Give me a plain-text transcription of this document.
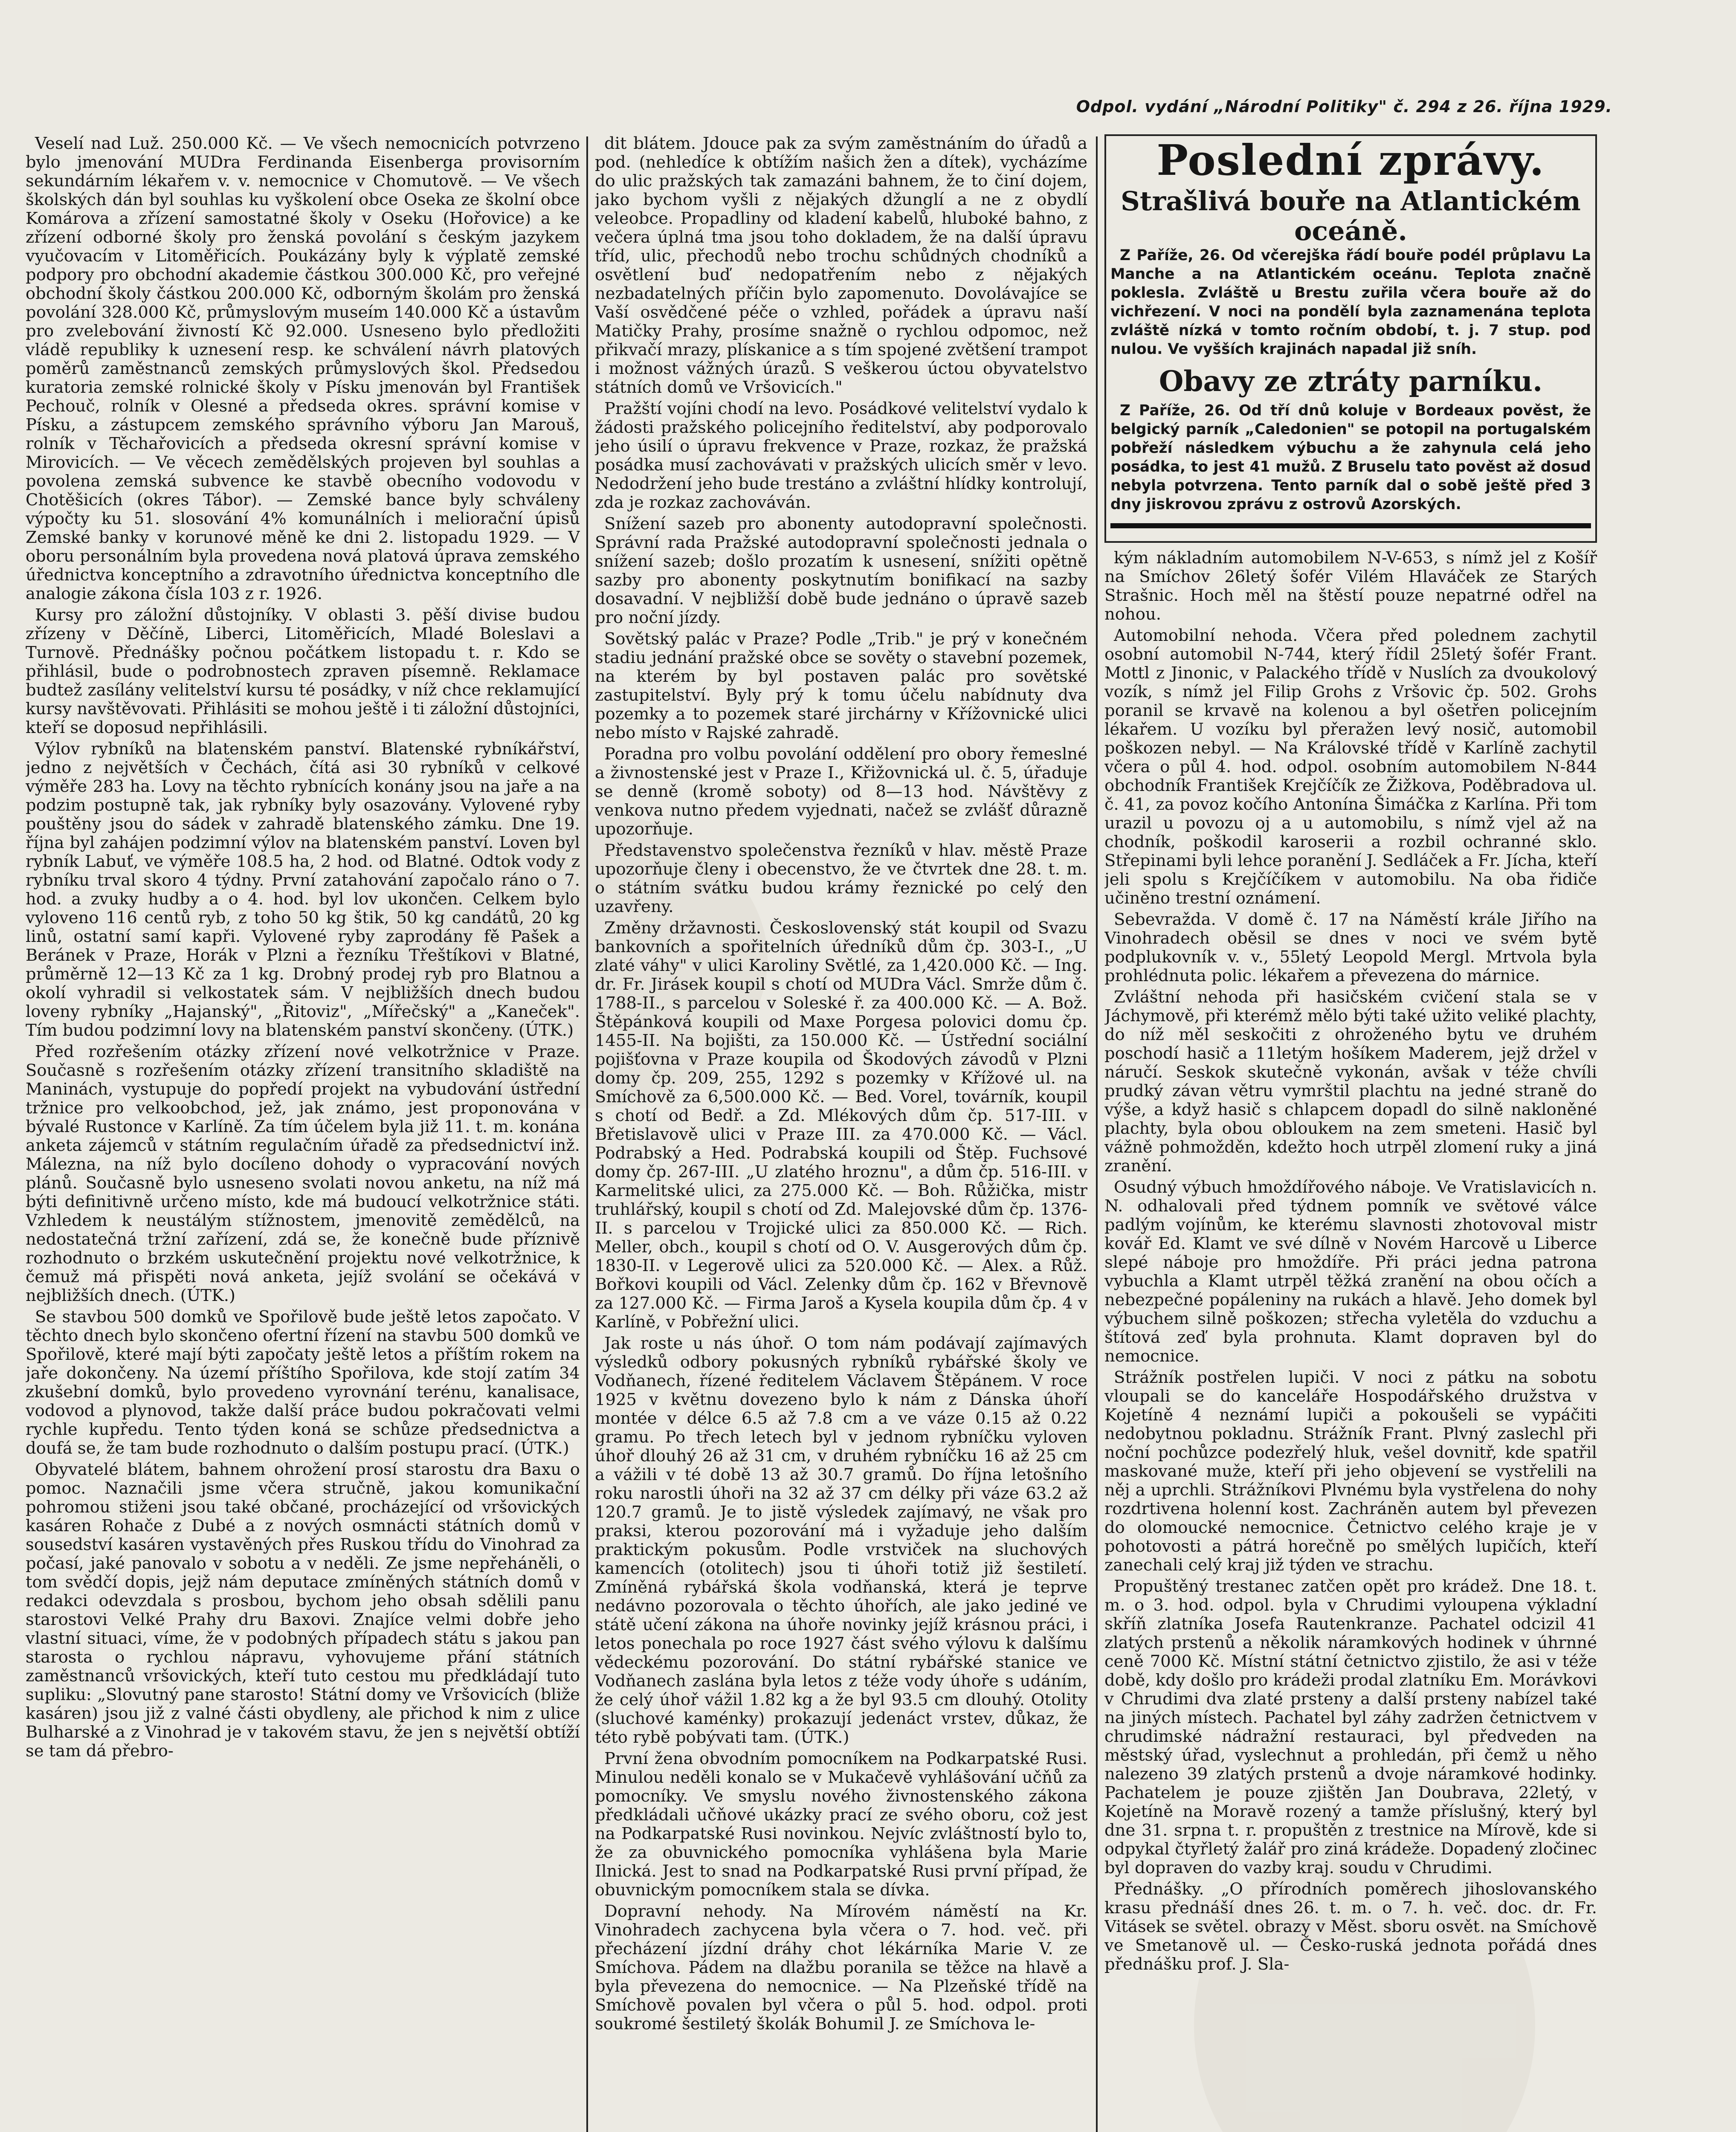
Odpol. vydání „Národní Politiky" č. 294 z 26. října 1929.

Veselí nad Luž. 250.000 Kč. — Ve všech nemocnicích potvrzeno bylo jmenování MUDra Ferdinanda Eisenberga provisorním sekundárním lékařem v. v. nemocnice v Chomutově. — Ve všech školských dán byl souhlas ku vyškolení obce Oseka ze školní obce Komárova a zřízení samostatné školy v Oseku (Hořovice) a ke zřízení odborné školy pro ženská povolání s českým jazykem vyučovacím v Litoměřicích. Poukázány byly k výplatě zemské podpory pro obchodní akademie částkou 300.000 Kč, pro veřejné obchodní školy částkou 200.000 Kč, odborným školám pro ženská povolání 328.000 Kč, průmyslovým museím 140.000 Kč a ústavům pro zvelebování živností Kč 92.000. Usneseno bylo předložiti vládě republiky k uznesení resp. ke schválení návrh platových poměrů zaměstnanců zemských průmyslových škol. Předsedou kuratoria zemské rolnické školy v Písku jmenován byl František Pechouč, rolník v Olesné a předseda okres. správní komise v Písku, a zástupcem zemského správního výboru Jan Marouš, rolník v Těchařovicích a předseda okresní správní komise v Mirovicích. — Ve věcech zemědělských projeven byl souhlas a povolena zemská subvence ke stavbě obecního vodovodu v Chotěšicích (okres Tábor). — Zemské bance byly schváleny výpočty ku 51. slosování 4% komunálních i meliorační úpisů Zemské banky v korunové měně ke dni 2. listopadu 1929. — V oboru personálním byla provedena nová platová úprava zemského úřednictva konceptního a zdravotního úřednictva konceptního dle analogie zákona čísla 103 z r. 1926.

Kursy pro záložní důstojníky. V oblasti 3. pěší divise budou zřízeny v Děčíně, Liberci, Litoměřicích, Mladé Boleslavi a Turnově. Přednášky počnou počátkem listopadu t. r. Kdo se přihlásil, bude o podrobnostech zpraven písemně. Reklamace budtež zasílány velitelství kursu té posádky, v níž chce reklamující kursy navštěvovati. Přihlásiti se mohou ještě i ti záložní důstojníci, kteří se doposud nepřihlásili.

Výlov rybníků na blatenském panství. Blatenské rybníkářství, jedno z největších v Čechách, čítá asi 30 rybníků v celkové výměře 283 ha. Lovy na těchto rybnících konány jsou na jaře a na podzim postupně tak, jak rybníky byly osazovány. Vylovené ryby pouštěny jsou do sádek v zahradě blatenského zámku. Dne 19. října byl zahájen podzimní výlov na blatenském panství. Loven byl rybník Labuť, ve výměře 108.5 ha, 2 hod. od Blatné. Odtok vody z rybníku trval skoro 4 týdny. První zatahování započalo ráno o 7. hod. a zvuky hudby a o 4. hod. byl lov ukončen. Celkem bylo vyloveno 116 centů ryb, z toho 50 kg štik, 50 kg candátů, 20 kg linů, ostatní samí kapři. Vylovené ryby zaprodány fě Pašek a Beránek v Praze, Horák v Plzni a řezníku Třeštíkovi v Blatné, průměrně 12—13 Kč za 1 kg. Drobný prodej ryb pro Blatnou a okolí vyhradil si velkostatek sám. V nejbližších dnech budou loveny rybníky „Hajanský", „Řitoviz", „Mířečský" a „Kaneček". Tím budou podzimní lovy na blatenském panství skončeny. (ÚTK.)

Před rozřešením otázky zřízení nové velkotržnice v Praze. Současně s rozřešením otázky zřízení transitního skladiště na Maninách, vystupuje do popředí projekt na vybudování ústřední tržnice pro velkoobchod, jež, jak známo, jest proponována v bývalé Rustonce v Karlíně. Za tím účelem byla již 11. t. m. konána anketa zájemců v státním regulačním úřadě za předsednictví inž. Málezna, na níž bylo docíleno dohody o vypracování nových plánů. Současně bylo usneseno svolati novou anketu, na níž má býti definitivně určeno místo, kde má budoucí velkotržnice státi. Vzhledem k neustálým stížnostem, jmenovitě zemědělců, na nedostatečná tržní zařízení, zdá se, že konečně bude příznivě rozhodnuto o brzkém uskutečnění projektu nové velkotržnice, k čemuž má přispěti nová anketa, jejíž svolání se očekává v nejbližších dnech. (ÚTK.)

Se stavbou 500 domků ve Spořilově bude ještě letos započato. V těchto dnech bylo skončeno ofertní řízení na stavbu 500 domků ve Spořilově, které mají býti započaty ještě letos a příštím rokem na jaře dokončeny. Na území příštího Spořilova, kde stojí zatím 34 zkušební domků, bylo provedeno vyrovnání terénu, kanalisace, vodovod a plynovod, takže další práce budou pokračovati velmi rychle kupředu. Tento týden koná se schůze předsednictva a doufá se, že tam bude rozhodnuto o dalším postupu prací. (ÚTK.)

Obyvatelé blátem, bahnem ohrožení prosí starostu dra Baxu o pomoc. Naznačili jsme včera stručně, jakou komunikační pohromou stiženi jsou také občané, procházející od vršovických kasáren Rohače z Dubé a z nových osmnácti státních domů v sousedství kasáren vystavěných přes Ruskou třídu do Vinohrad za počasí, jaké panovalo v sobotu a v neděli. Ze jsme nepřeháněli, o tom svědčí dopis, jejž nám deputace zmíněných státních domů v redakci odevzdala s prosbou, bychom jeho obsah sdělili panu starostovi Velké Prahy dru Baxovi. Znajíce velmi dobře jeho vlastní situaci, víme, že v podobných případech státu s jakou pan starosta o rychlou nápravu, vyhovujeme přání státních zaměstnanců vršovických, kteří tuto cestou mu předkládají tuto supliku: „Slovutný pane starosto! Státní domy ve Vršovicích (bliže kasáren) jsou již z valné části obydleny, ale přichod k nim z ulice Bulharské a z Vinohrad je v takovém stavu, že jen s největší obtíží se tam dá přebro-

dit blátem. Jdouce pak za svým zaměstnáním do úřadů a pod. (nehledíce k obtížím našich žen a dítek), vycházíme do ulic pražských tak zamazáni bahnem, že to činí dojem, jako bychom vyšli z nějakých džunglí a ne z obydlí veleobce. Propadliny od kladení kabelů, hluboké bahno, z večera úplná tma jsou toho dokladem, že na další úpravu tříd, ulic, přechodů nebo trochu schůdných chodníků a osvětlení buď nedopatřením nebo z nějakých nezbadatelných příčin bylo zapomenuto. Dovolávajíce se Vaší osvědčené péče o vzhled, pořádek a úpravu naší Matičky Prahy, prosíme snažně o rychlou odpomoc, než přikvačí mrazy, plískanice a s tím spojené zvětšení trampot i možnost vážných úrazů. S veškerou úctou obyvatelstvo státních domů ve Vršovicích."

Pražští vojíni chodí na levo. Posádkové velitelství vydalo k žádosti pražského policejního ředitelství, aby podporovalo jeho úsilí o úpravu frekvence v Praze, rozkaz, že pražská posádka musí zachovávati v pražských ulicích směr v levo. Nedodržení jeho bude trestáno a zvláštní hlídky kontrolují, zda je rozkaz zachováván.

Snížení sazeb pro abonenty autodopravní společnosti. Správní rada Pražské autodopravní společnosti jednala o snížení sazeb; došlo prozatím k usnesení, snížiti opětně sazby pro abonenty poskytnutím bonifikací na sazby dosavadní. V nejbližší době bude jednáno o úpravě sazeb pro noční jízdy.

Sovětský palác v Praze? Podle „Trib." je prý v konečném stadiu jednání pražské obce se sověty o stavební pozemek, na kterém by byl postaven palác pro sovětské zastupitelství. Byly prý k tomu účelu nabídnuty dva pozemky a to pozemek staré jirchárny v Křížovnické ulici nebo místo v Rajské zahradě.

Poradna pro volbu povolání oddělení pro obory řemeslné a živnostenské jest v Praze I., Křižovnická ul. č. 5, úřaduje se denně (kromě soboty) od 8—13 hod. Návštěvy z venkova nutno předem vyjednati, načež se zvlášť důrazně upozorňuje.

Představenstvo společenstva řezníků v hlav. městě Praze upozorňuje členy i obecenstvo, že ve čtvrtek dne 28. t. m. o státním svátku budou krámy řeznické po celý den uzavřeny.

Změny državnosti. Československý stát koupil od Svazu bankovních a spořitelních úředníků dům čp. 303-I., „U zlaté váhy" v ulici Karoliny Světlé, za 1,420.000 Kč. — Ing. dr. Fr. Jirásek koupil s chotí od MUDra Václ. Smrže dům č. 1788-II., s parcelou v Soleské ř. za 400.000 Kč. — A. Bož. Štěpánková koupili od Maxe Porgesa polovici domu čp. 1455-II. Na bojišti, za 150.000 Kč. — Ústřední sociální pojišťovna v Praze koupila od Škodových závodů v Plzni domy čp. 209, 255, 1292 s pozemky v Křížové ul. na Smíchově za 6,500.000 Kč. — Bed. Vorel, továrník, koupil s chotí od Bedř. a Zd. Mlékových dům čp. 517-III. v Břetislavově ulici v Praze III. za 470.000 Kč. — Václ. Podrabský a Hed. Podrabská koupili od Štěp. Fuchsové domy čp. 267-III. „U zlatého hroznu", a dům čp. 516-III. v Karmelitské ulici, za 275.000 Kč. — Boh. Růžička, mistr truhlářský, koupil s chotí od Zd. Malejovské dům čp. 1376-II. s parcelou v Trojické ulici za 850.000 Kč. — Rich. Meller, obch., koupil s chotí od O. V. Ausgerových dům čp. 1830-II. v Legerově ulici za 520.000 Kč. — Alex. a Růž. Bořkovi koupili od Václ. Zelenky dům čp. 162 v Břevnově za 127.000 Kč. — Firma Jaroš a Kysela koupila dům čp. 4 v Karlíně, v Pobřežní ulici.

Jak roste u nás úhoř. O tom nám podávají zajímavých výsledků odbory pokusných rybníků rybářské školy ve Vodňanech, řízené ředitelem Václavem Štěpánem. V roce 1925 v květnu dovezeno bylo k nám z Dánska úhoří montée v délce 6.5 až 7.8 cm a ve váze 0.15 až 0.22 gramu. Po třech letech byl v jednom rybníčku vyloven úhoř dlouhý 26 až 31 cm, v druhém rybníčku 16 až 25 cm a vážili v té době 13 až 30.7 gramů. Do října letošního roku narostli úhoři na 32 až 37 cm délky při váze 63.2 až 120.7 gramů. Je to jistě výsledek zajímavý, ne však pro praksi, kterou pozorování má i vyžaduje jeho dalším praktickým pokusům. Podle vrstviček na sluchových kamencích (otolitech) jsou ti úhoři totiž již šestiletí. Zmíněná rybářská škola vodňanská, která je teprve nedávno pozorovala o těchto úhořích, ale jako jediné ve státě učení zákona na úhoře novinky jejíž krásnou práci, i letos ponechala po roce 1927 část svého výlovu k dalšímu vědeckému pozorování. Do státní rybářské stanice ve Vodňanech zaslána byla letos z téže vody úhoře s udáním, že celý úhoř vážil 1.82 kg a že byl 93.5 cm dlouhý. Otolity (sluchové kaménky) prokazují jedenáct vrstev, důkaz, že této rybě pobývati tam. (ÚTK.)

První žena obvodním pomocníkem na Podkarpatské Rusi. Minulou neděli konalo se v Mukačevě vyhlášování učňů za pomocníky. Ve smyslu nového živnostenského zákona předkládali učňové ukázky prací ze svého oboru, což jest na Podkarpatské Rusi novinkou. Nejvíc zvláštností bylo to, že za obuvnického pomocníka vyhlášena byla Marie Ilnická. Jest to snad na Podkarpatské Rusi první případ, že obuvnickým pomocníkem stala se dívka.

Dopravní nehody. Na Mírovém náměstí na Kr. Vinohradech zachycena byla včera o 7. hod. več. při přecházení jízdní dráhy chot lékárníka Marie V. ze Smíchova. Pádem na dlažbu poranila se těžce na hlavě a byla převezena do nemocnice. — Na Plzeňské třídě na Smíchově povalen byl včera o půl 5. hod. odpol. proti soukromé šestiletý školák Bohumil J. ze Smíchova le-

Poslední zprávy.
Strašlivá bouře na Atlantickém oceáně.

Z Paříže, 26. Od včerejška řádí bouře podél průplavu La Manche a na Atlantickém oceánu. Teplota značně poklesla. Zvláště u Brestu zuřila včera bouře až do vichřezení. V noci na pondělí byla zaznamenána teplota zvláště nízká v tomto ročním období, t. j. 7 stup. pod nulou. Ve vyšších krajinách napadal již sníh.

Obavy ze ztráty parníku.

Z Paříže, 26. Od tří dnů koluje v Bordeaux pověst, že belgický parník „Caledonien" se potopil na portugalském pobřeží následkem výbuchu a že zahynula celá jeho posádka, to jest 41 mužů. Z Bruselu tato pověst až dosud nebyla potvrzena. Tento parník dal o sobě ještě před 3 dny jiskrovou zprávu z ostrovů Azorských.

kým nákladním automobilem N-V-653, s nímž jel z Košíř na Smíchov 26letý šofér Vilém Hlaváček ze Starých Strašnic. Hoch měl na štěstí pouze nepatrné odřel na nohou.

Automobilní nehoda. Včera před polednem zachytil osobní automobil N-744, který řídil 25letý šofér Frant. Mottl z Jinonic, v Palackého třídě v Nuslích za dvoukolový vozík, s nímž jel Filip Grohs z Vršovic čp. 502. Grohs poranil se krvavě na kolenou a byl ošetřen policejním lékařem. U vozíku byl přeražen levý nosič, automobil poškozen nebyl. — Na Královské třídě v Karlíně zachytil včera o půl 4. hod. odpol. osobním automobilem N-844 obchodník František Krejčíčík ze Žižkova, Poděbradova ul. č. 41, za povoz kočího Antonína Šimáčka z Karlína. Při tom urazil u povozu oj a u automobilu, s nímž vjel až na chodník, poškodil karoserii a rozbil ochranné sklo. Střepinami byli lehce poranění J. Sedláček a Fr. Jícha, kteří jeli spolu s Krejčíčíkem v automobilu. Na oba řidiče učiněno trestní oznámení.

Sebevražda. V domě č. 17 na Náměstí krále Jiřího na Vinohradech oběsil se dnes v noci ve svém bytě podplukovník v. v., 55letý Leopold Mergl. Mrtvola byla prohlédnuta polic. lékařem a převezena do márnice.

Zvláštní nehoda při hasičském cvičení stala se v Jáchymově, při kterémž mělo býti také užito veliké plachty, do níž měl seskočiti z ohroženého bytu ve druhém poschodí hasič a 11letým hošíkem Maderem, jejž držel v náručí. Seskok skutečně vykonán, avšak v téže chvíli prudký závan větru vymrštil plachtu na jedné straně do výše, a když hasič s chlapcem dopadl do silně nakloněné plachty, byla obou obloukem na zem smeteni. Hasič byl vážně pohmožděn, kdežto hoch utrpěl zlomení ruky a jiná zranění.

Osudný výbuch hmoždířového náboje. Ve Vratislavicích n. N. odhalovali před týdnem pomník ve světové válce padlým vojínům, ke kterému slavnosti zhotovoval mistr kovář Ed. Klamt ve své dílně v Novém Harcově u Liberce slepé náboje pro hmoždíře. Při práci jedna patrona vybuchla a Klamt utrpěl těžká zranění na obou očích a nebezpečné popáleniny na rukách a hlavě. Jeho domek byl výbuchem silně poškozen; střecha vyletěla do vzduchu a štítová zeď byla prohnuta. Klamt dopraven byl do nemocnice.

Strážník postřelen lupiči. V noci z pátku na sobotu vloupali se do kanceláře Hospodářského družstva v Kojetíně 4 neznámí lupiči a pokoušeli se vypáčiti nedobytnou pokladnu. Strážník Frant. Plvný zaslechl při noční pochůzce podezřelý hluk, vešel dovnitř, kde spatřil maskované muže, kteří při jeho objevení se vystřelili na něj a uprchli. Strážníkovi Plvnému byla vystřelena do nohy rozdrtivena holenní kost. Zachráněn autem byl převezen do olomoucké nemocnice. Četnictvo celého kraje je v pohotovosti a pátrá horečně po smělých lupičích, kteří zanechali celý kraj již týden ve strachu.

Propuštěný trestanec zatčen opět pro krádež. Dne 18. t. m. o 3. hod. odpol. byla v Chrudimi vyloupena výkladní skříň zlatníka Josefa Rautenkranze. Pachatel odcizil 41 zlatých prstenů a několik náramkových hodinek v úhrnné ceně 7000 Kč. Místní státní četnictvo zjistilo, že asi v téže době, kdy došlo pro krádeži prodal zlatníku Em. Morávkovi v Chrudimi dva zlaté prsteny a další prsteny nabízel také na jiných místech. Pachatel byl záhy zadržen četnictvem v chrudimské nádražní restauraci, byl předveden na městský úřad, vyslechnut a prohledán, při čemž u něho nalezeno 39 zlatých prstenů a dvoje náramkové hodinky. Pachatelem je pouze zjištěn Jan Doubrava, 22letý, v Kojetíně na Moravě rozený a tamže příslušný, který byl dne 31. srpna t. r. propuštěn z trestnice na Mírově, kde si odpykal čtyřletý žalář pro ziná krádeže. Dopadený zločinec byl dopraven do vazby kraj. soudu v Chrudimi.

Přednášky. „O přírodních poměrech jihoslovanského krasu přednáší dnes 26. t. m. o 7. h. več. doc. dr. Fr. Vitásek se světel. obrazy v Měst. sboru osvět. na Smíchově ve Smetanově ul. — Česko-ruská jednota pořádá dnes přednášku prof. J. Sla-
